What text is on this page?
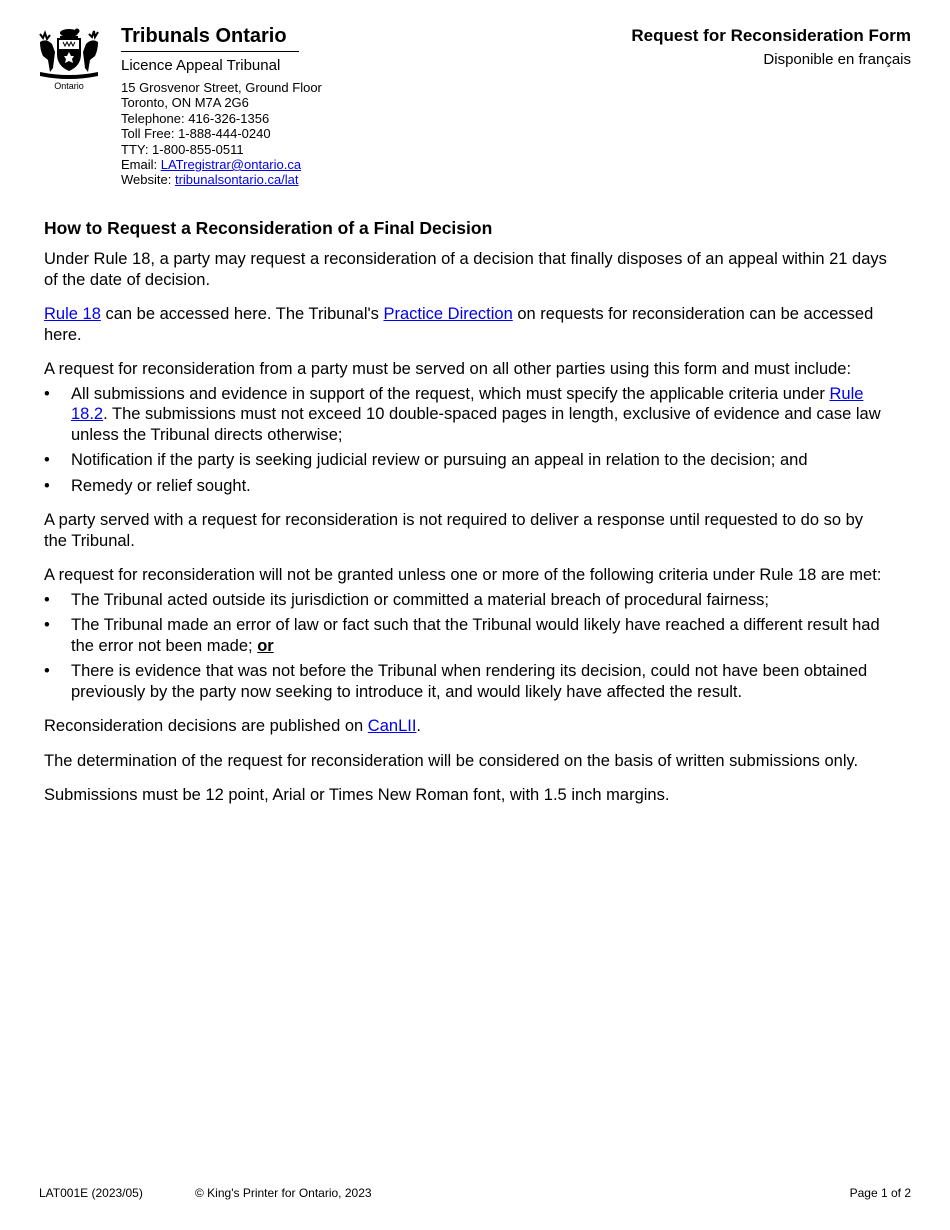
Ontario
Tribunals Ontario
Licence Appeal Tribunal
15 Grosvenor Street, Ground Floor
Toronto, ON M7A 2G6
Telephone: 416-326-1356
Toll Free: 1-888-444-0240
TTY: 1-800-855-0511
Email: LATregistrar@ontario.ca
Website: tribunalsontario.ca/lat
Request for Reconsideration Form
Disponible en français
How to Request a Reconsideration of a Final Decision

Under Rule 18, a party may request a reconsideration of a decision that finally disposes of an appeal within 21 days of the date of decision.

Rule 18 can be accessed here. The Tribunal's Practice Direction on requests for reconsideration can be accessed here.

A request for reconsideration from a party must be served on all other parties using this form and must include:

• All submissions and evidence in support of the request, which must specify the applicable criteria under Rule 18.2. The submissions must not exceed 10 double-spaced pages in length, exclusive of evidence and case law unless the Tribunal directs otherwise;
• Notification if the party is seeking judicial review or pursuing an appeal in relation to the decision; and
• Remedy or relief sought.

A party served with a request for reconsideration is not required to deliver a response until requested to do so by the Tribunal.

A request for reconsideration will not be granted unless one or more of the following criteria under Rule 18 are met:

• The Tribunal acted outside its jurisdiction or committed a material breach of procedural fairness;
• The Tribunal made an error of law or fact such that the Tribunal would likely have reached a different result had the error not been made; or
• There is evidence that was not before the Tribunal when rendering its decision, could not have been obtained previously by the party now seeking to introduce it, and would likely have affected the result.

Reconsideration decisions are published on CanLII.

The determination of the request for reconsideration will be considered on the basis of written submissions only.

Submissions must be 12 point, Arial or Times New Roman font, with 1.5 inch margins.

LAT001E (2023/05)	© King's Printer for Ontario, 2023	Page 1 of 2
